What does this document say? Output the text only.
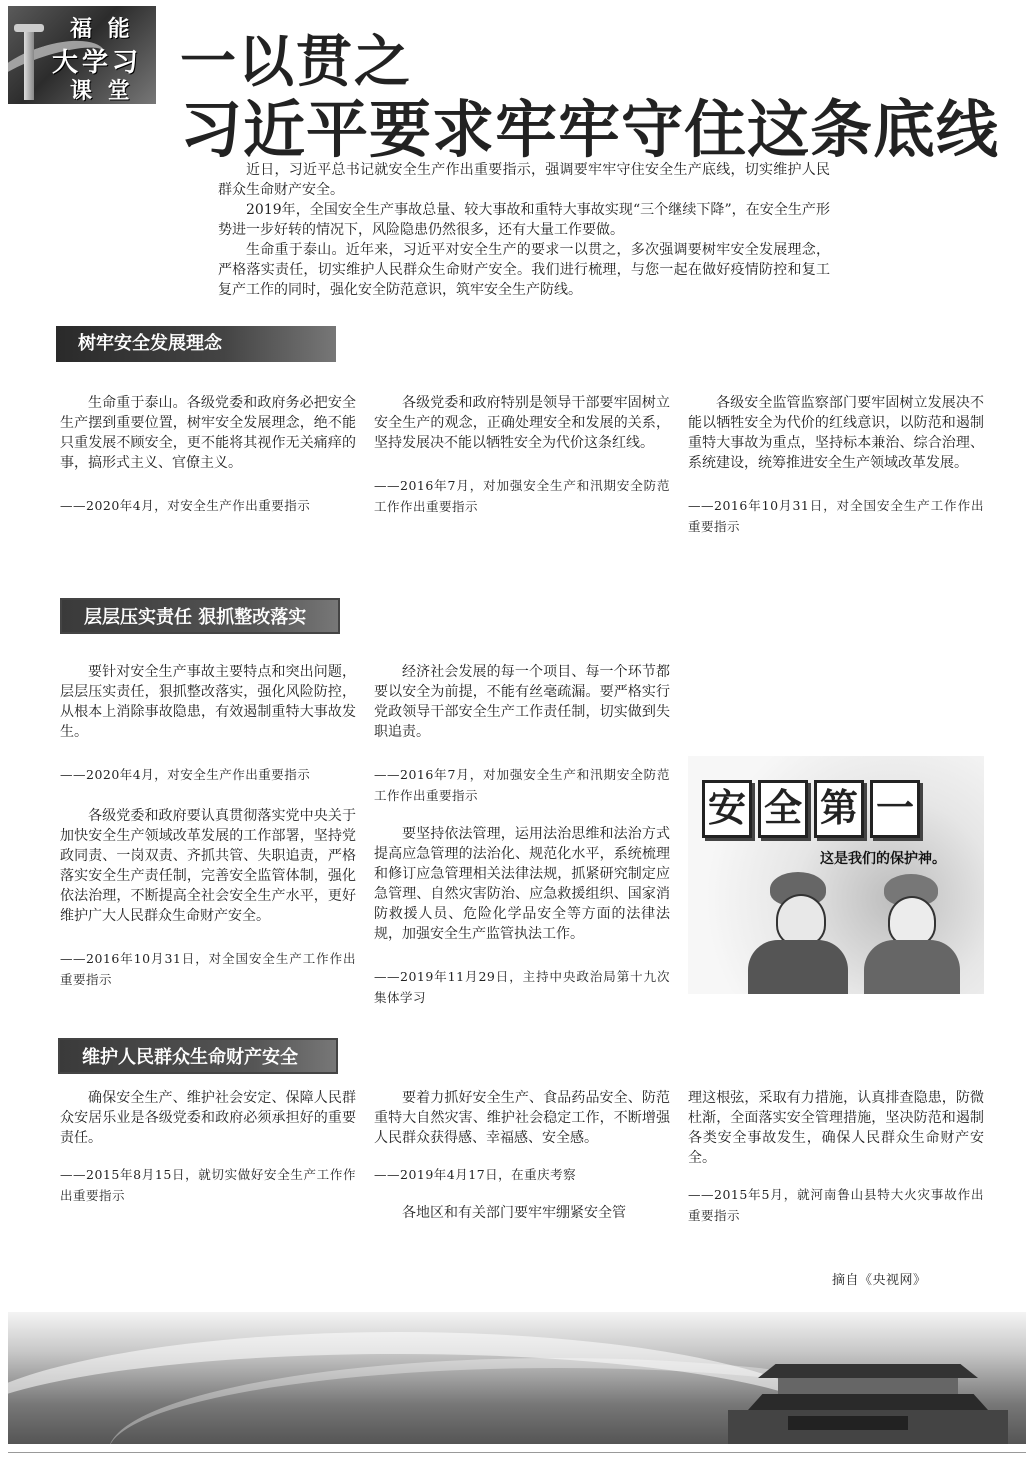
福 能
大学习
课 堂 一以贯之
习近平要求牢牢守住这条底线

近日，习近平总书记就安全生产作出重要指示，强调要牢牢守住安全生产底线，切实维护人民群众生命财产安全。

2019年，全国安全生产事故总量、较大事故和重特大事故实现“三个继续下降”，在安全生产形势进一步好转的情况下，风险隐患仍然很多，还有大量工作要做。

生命重于泰山。近年来，习近平对安全生产的要求一以贯之，多次强调要树牢安全发展理念，严格落实责任，切实维护人民群众生命财产安全。我们进行梳理，与您一起在做好疫情防控和复工复产工作的同时，强化安全防范意识，筑牢安全生产防线。

树牢安全发展理念

生命重于泰山。各级党委和政府务必把安全生产摆到重要位置，树牢安全发展理念，绝不能只重发展不顾安全，更不能将其视作无关痛痒的事，搞形式主义、官僚主义。

——2020年4月，对安全生产作出重要指示

各级党委和政府特别是领导干部要牢固树立安全生产的观念，正确处理安全和发展的关系，坚持发展决不能以牺牲安全为代价这条红线。

——2016年7月，对加强安全生产和汛期安全防范工作作出重要指示

各级安全监管监察部门要牢固树立发展决不能以牺牲安全为代价的红线意识，以防范和遏制重特大事故为重点，坚持标本兼治、综合治理、系统建设，统筹推进安全生产领域改革发展。

——2016年10月31日，对全国安全生产工作作出重要指示

层层压实责任 狠抓整改落实

要针对安全生产事故主要特点和突出问题，层层压实责任，狠抓整改落实，强化风险防控，从根本上消除事故隐患，有效遏制重特大事故发生。

——2020年4月，对安全生产作出重要指示

各级党委和政府要认真贯彻落实党中央关于加快安全生产领域改革发展的工作部署，坚持党政同责、一岗双责、齐抓共管、失职追责，严格落实安全生产责任制，完善安全监管体制，强化依法治理，不断提高全社会安全生产水平，更好维护广大人民群众生命财产安全。

——2016年10月31日，对全国安全生产工作作出重要指示

经济社会发展的每一个项目、每一个环节都要以安全为前提，不能有丝毫疏漏。要严格实行党政领导干部安全生产工作责任制，切实做到失职追责。

——2016年7月，对加强安全生产和汛期安全防范工作作出重要指示

要坚持依法管理，运用法治思维和法治方式提高应急管理的法治化、规范化水平，系统梳理和修订应急管理相关法律法规，抓紧研究制定应急管理、自然灾害防治、应急救援组织、国家消防救援人员、危险化学品安全等方面的法律法规，加强安全生产监管执法工作。

——2019年11月29日，主持中央政治局第十九次集体学习

安 全 第 一
这是我们的保护神。
维护人民群众生命财产安全

确保安全生产、维护社会安定、保障人民群众安居乐业是各级党委和政府必须承担好的重要责任。

——2015年8月15日，就切实做好安全生产工作作出重要指示

要着力抓好安全生产、食品药品安全、防范重特大自然灾害、维护社会稳定工作，不断增强人民群众获得感、幸福感、安全感。

——2019年4月17日，在重庆考察

各地区和有关部门要牢牢绷紧安全管

理这根弦，采取有力措施，认真排查隐患，防微杜渐，全面落实安全管理措施，坚决防范和遏制各类安全事故发生，确保人民群众生命财产安全。

——2015年5月，就河南鲁山县特大火灾事故作出重要指示

摘自《央视网》
